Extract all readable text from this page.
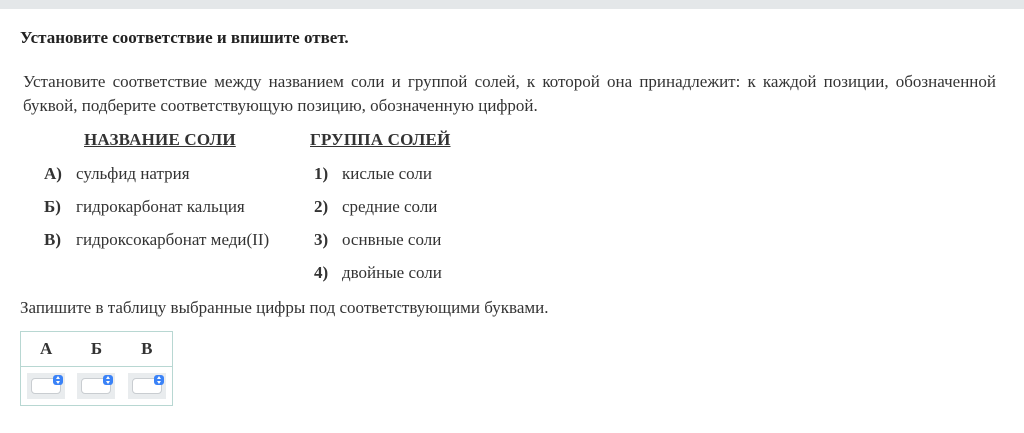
Установите соответствие и впишите ответ.
Установите соответствие между названием соли и группой солей, к которой она принадлежит: к каждой позиции, обозначенной буквой, подберите соответствующую позицию, обозначенную цифрой.
НАЗВАНИЕ СОЛИ	ГРУППА СОЛЕЙ
А) сульфид натрия
Б) гидрокарбонат кальция
В) гидроксокарбонат меди(II)
1) кислые соли
2) средние соли
3) оснвные соли
4) двойные соли
Запишите в таблицу выбранные цифры под соответствующими буквами.
А	Б	В
